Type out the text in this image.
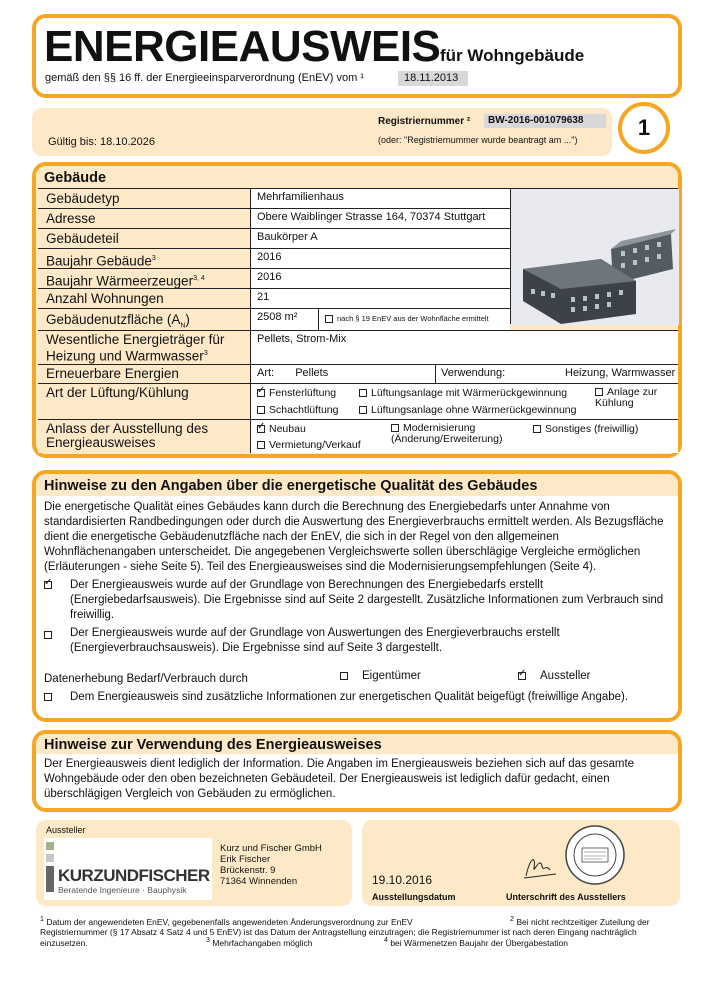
ENERGIEAUSWEIS für Wohngebäude
gemäß den §§ 16 ff. der Energieeinsparverordnung (EnEV) vom ¹	18.11.2013
Registriernummer ²	BW-2016-001079638
(oder: "Registriernummer wurde beantragt am ...")
Gültig bis: 18.10.2026
1
Gebäude
Gebäudetyp	Mehrfamilienhaus
Adresse	Obere Waiblinger Strasse 164, 70374 Stuttgart
Gebäudeteil	Baukörper A
Baujahr Gebäude$^3$	2016
Baujahr Wärmeerzeuger$^{3, 4}$	2016
Anzahl Wohnungen	21
Gebäudenutzfläche $(A_N)$	2508 m²	nach § 19 EnEV aus der Wohnfläche ermittelt
Wesentliche Energieträger für Heizung und Warmwasser$^3$
Pellets, Strom-Mix
Erneuerbare Energien	Art: Pellets	Verwendung:	Heizung, Warmwasser
Art der Lüftung/Kühlung ✓	Fensterlüftung	Lüftungsanlage mit Wärmerückgewinnung	Anlage zur Kühlung
Schachtlüftung	Lüftungsanlage ohne Wärmerückgewinnung
Anlass der Ausstellung des Energieausweises
✓Neubau	Modernisierung (Änderung/Erweiterung)
Sonstiges (freiwillig)
Vermietung/Verkauf
Hinweise zu den Angaben über die energetische Qualität des Gebäudes
Die energetische Qualität eines Gebäudes kann durch die Berechnung des Energiebedarfs unter Annahme von standardisierten Randbedingungen oder durch die Auswertung des Energieverbrauchs ermittelt werden. Als Bezugsfläche dient die energetische Gebäudenutzfläche nach der EnEV, die sich in der Regel von den allgemeinen Wohnflächenangaben unterscheidet. Die angegebenen Vergleichswerte sollen überschlägige Vergleiche ermöglichen (Erläuterungen - siehe Seite 5). Teil des Energieausweises sind die Modernisierungsempfehlungen (Seite 4).
✓
Der Energieausweis wurde auf der Grundlage von Berechnungen des Energiebedarfs erstellt (Energiebedarfsausweis). Die Ergebnisse sind auf Seite 2 dargestellt. Zusätzliche Informationen zum Verbrauch sind freiwillig.
Der Energieausweis wurde auf der Grundlage von Auswertungen des Energieverbrauchs erstellt (Energieverbrauchsausweis). Die Ergebnisse sind auf Seite 3 dargestellt.
Datenerhebung Bedarf/Verbrauch durch	Eigentümer ✓	Aussteller
Dem Energieausweis sind zusätzliche Informationen zur energetischen Qualität beigefügt (freiwillige Angabe).
Hinweise zur Verwendung des Energieausweises
Der Energieausweis dient lediglich der Information. Die Angaben im Energieausweis beziehen sich auf das gesamte Wohngebäude oder den oben bezeichneten Gebäudeteil. Der Energieausweis ist lediglich dafür gedacht, einen überschlägigen Vergleich von Gebäuden zu ermöglichen.
Aussteller
KURZUNDFISCHER
Beratende Ingenieure · Bauphysik
Kurz und Fischer GmbH
Erik Fischer
Brückenstr. 9
71364 Winnenden	19.10.2016
Ausstellungsdatum	Unterschrift des Ausstellers
$^1$ Datum der angewendeten EnEV, gegebenenfalls angewendeten Änderungsverordnung zur EnEV	$^2$ Bei nicht rechtzeitiger Zuteilung der Registriernummer (§ 17 Absatz 4 Satz 4 und 5 EnEV) ist das Datum der Antragstellung einzutragen; die Registriernummer ist nach deren Eingang nachträglich einzusetzen.	$^3$ Mehrfachangaben möglich	$^4$ bei Wärmenetzen Baujahr der Übergabestation
